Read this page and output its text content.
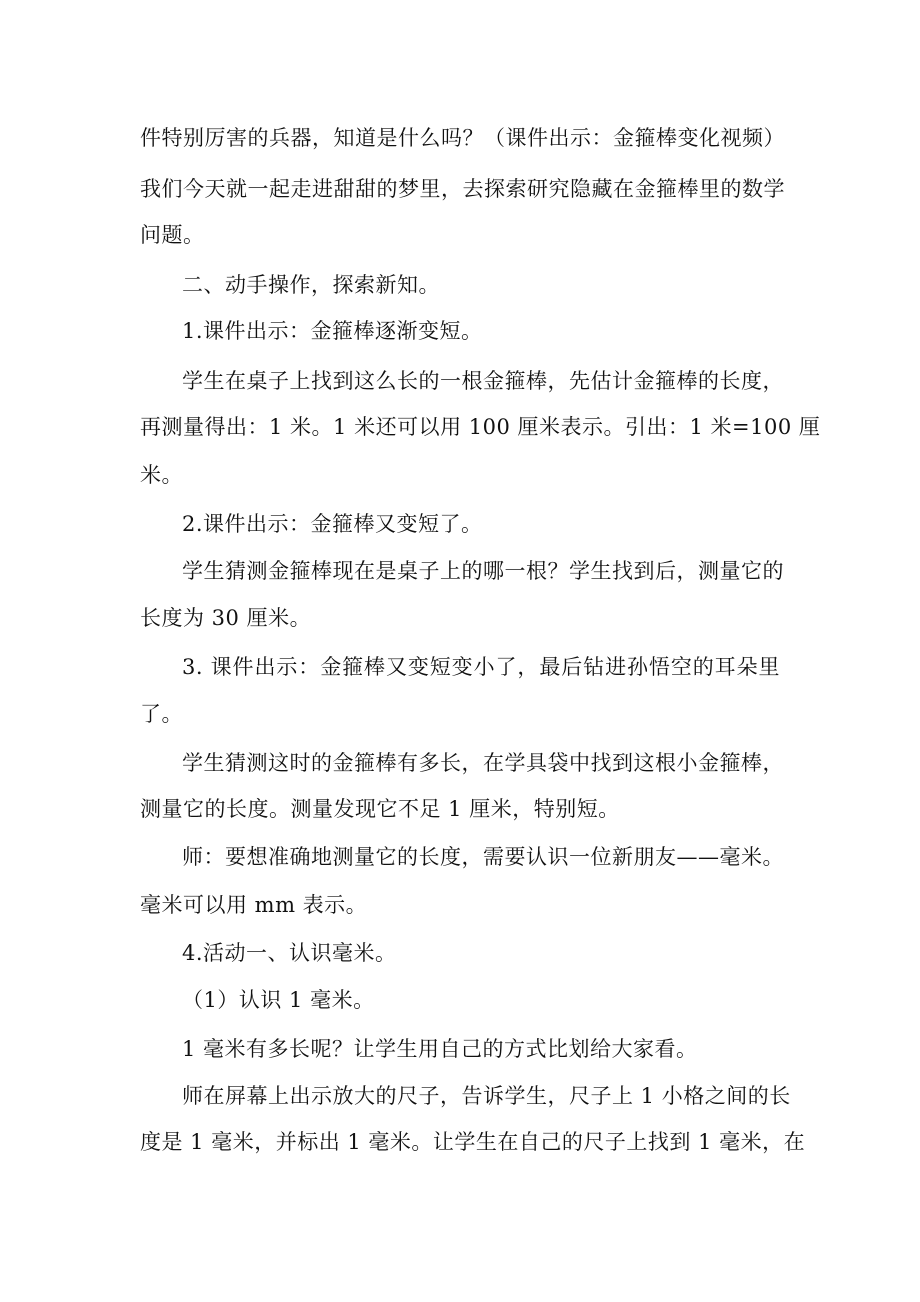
件特别厉害的兵器，知道是什么吗？（课件出示：金箍棒变化视频）
我们今天就一起走进甜甜的梦里，去探索研究隐藏在金箍棒里的数学
问题。
二、动手操作，探索新知。
1.课件出示：金箍棒逐渐变短。
学生在桌子上找到这么长的一根金箍棒，先估计金箍棒的长度，
再测量得出：1 米。1 米还可以用 100 厘米表示。引出：1 米=100 厘
米。
2.课件出示：金箍棒又变短了。
学生猜测金箍棒现在是桌子上的哪一根？学生找到后，测量它的
长度为 30 厘米。
3. 课件出示：金箍棒又变短变小了，最后钻进孙悟空的耳朵里
了。
学生猜测这时的金箍棒有多长，在学具袋中找到这根小金箍棒，
测量它的长度。测量发现它不足 1 厘米，特别短。
师：要想准确地测量它的长度，需要认识一位新朋友——毫米。
毫米可以用 mm 表示。
4.活动一、认识毫米。
（1）认识 1 毫米。
1 毫米有多长呢？让学生用自己的方式比划给大家看。
师在屏幕上出示放大的尺子，告诉学生，尺子上 1 小格之间的长
度是 1 毫米，并标出 1 毫米。让学生在自己的尺子上找到 1 毫米，在
